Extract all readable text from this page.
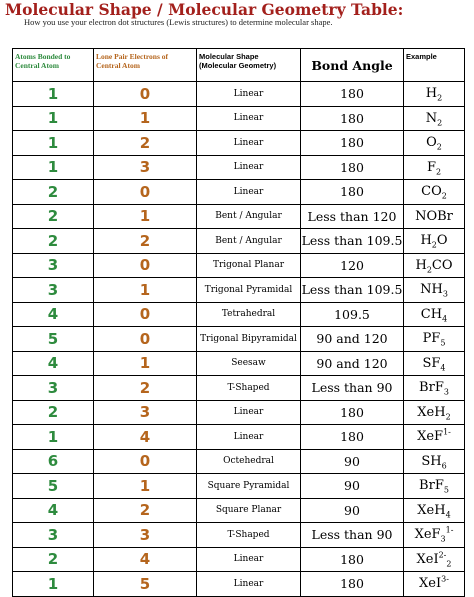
Molecular Shape / Molecular Geometry Table:

How you use your electron dot structures (Lewis structures) to determine molecular shape.

Atoms Bonded to Central Atom	Lone Pair Electrons of Central Atom	Molecular Shape (Molecular Geometry)	Bond Angle	Example
1	0	Linear	180	$H_2$
1	1	Linear	180	$N_2$
1	2	Linear	180	$O_2$
1	3	Linear	180	$F_2$
2	0	Linear	180	$CO_2$
2	1	Bent / Angular	Less than 120	NOBr
2	2	Bent / Angular	Less than 109.5	$H_2O$
3	0	Trigonal Planar	120	$H_2CO$
3	1	Trigonal Pyramidal	Less than 109.5	$NH_3$
4	0	Tetrahedral	109.5	$CH_4$
5	0	Trigonal Bipyramidal	90 and 120	$PF_5$
4	1	Seesaw	90 and 120	$SF_4$
3	2	T-Shaped	Less than 90	BrF$_3$
2	3	Linear	180	XeH$_2$
1	4	Linear	180	XeF$^{1-}$
6	0	Octehedral	90	$SH_6$
5	1	Square Pyramidal	90	BrF$_5$
4	2	Square Planar	90	XeH$_4$
3	3	T-Shaped	Less than 90	XeF$_3^{1-}$
2	4	Linear	180	XeI$^{2-}_2$
1	5	Linear	180	XeI$^{3-}$
